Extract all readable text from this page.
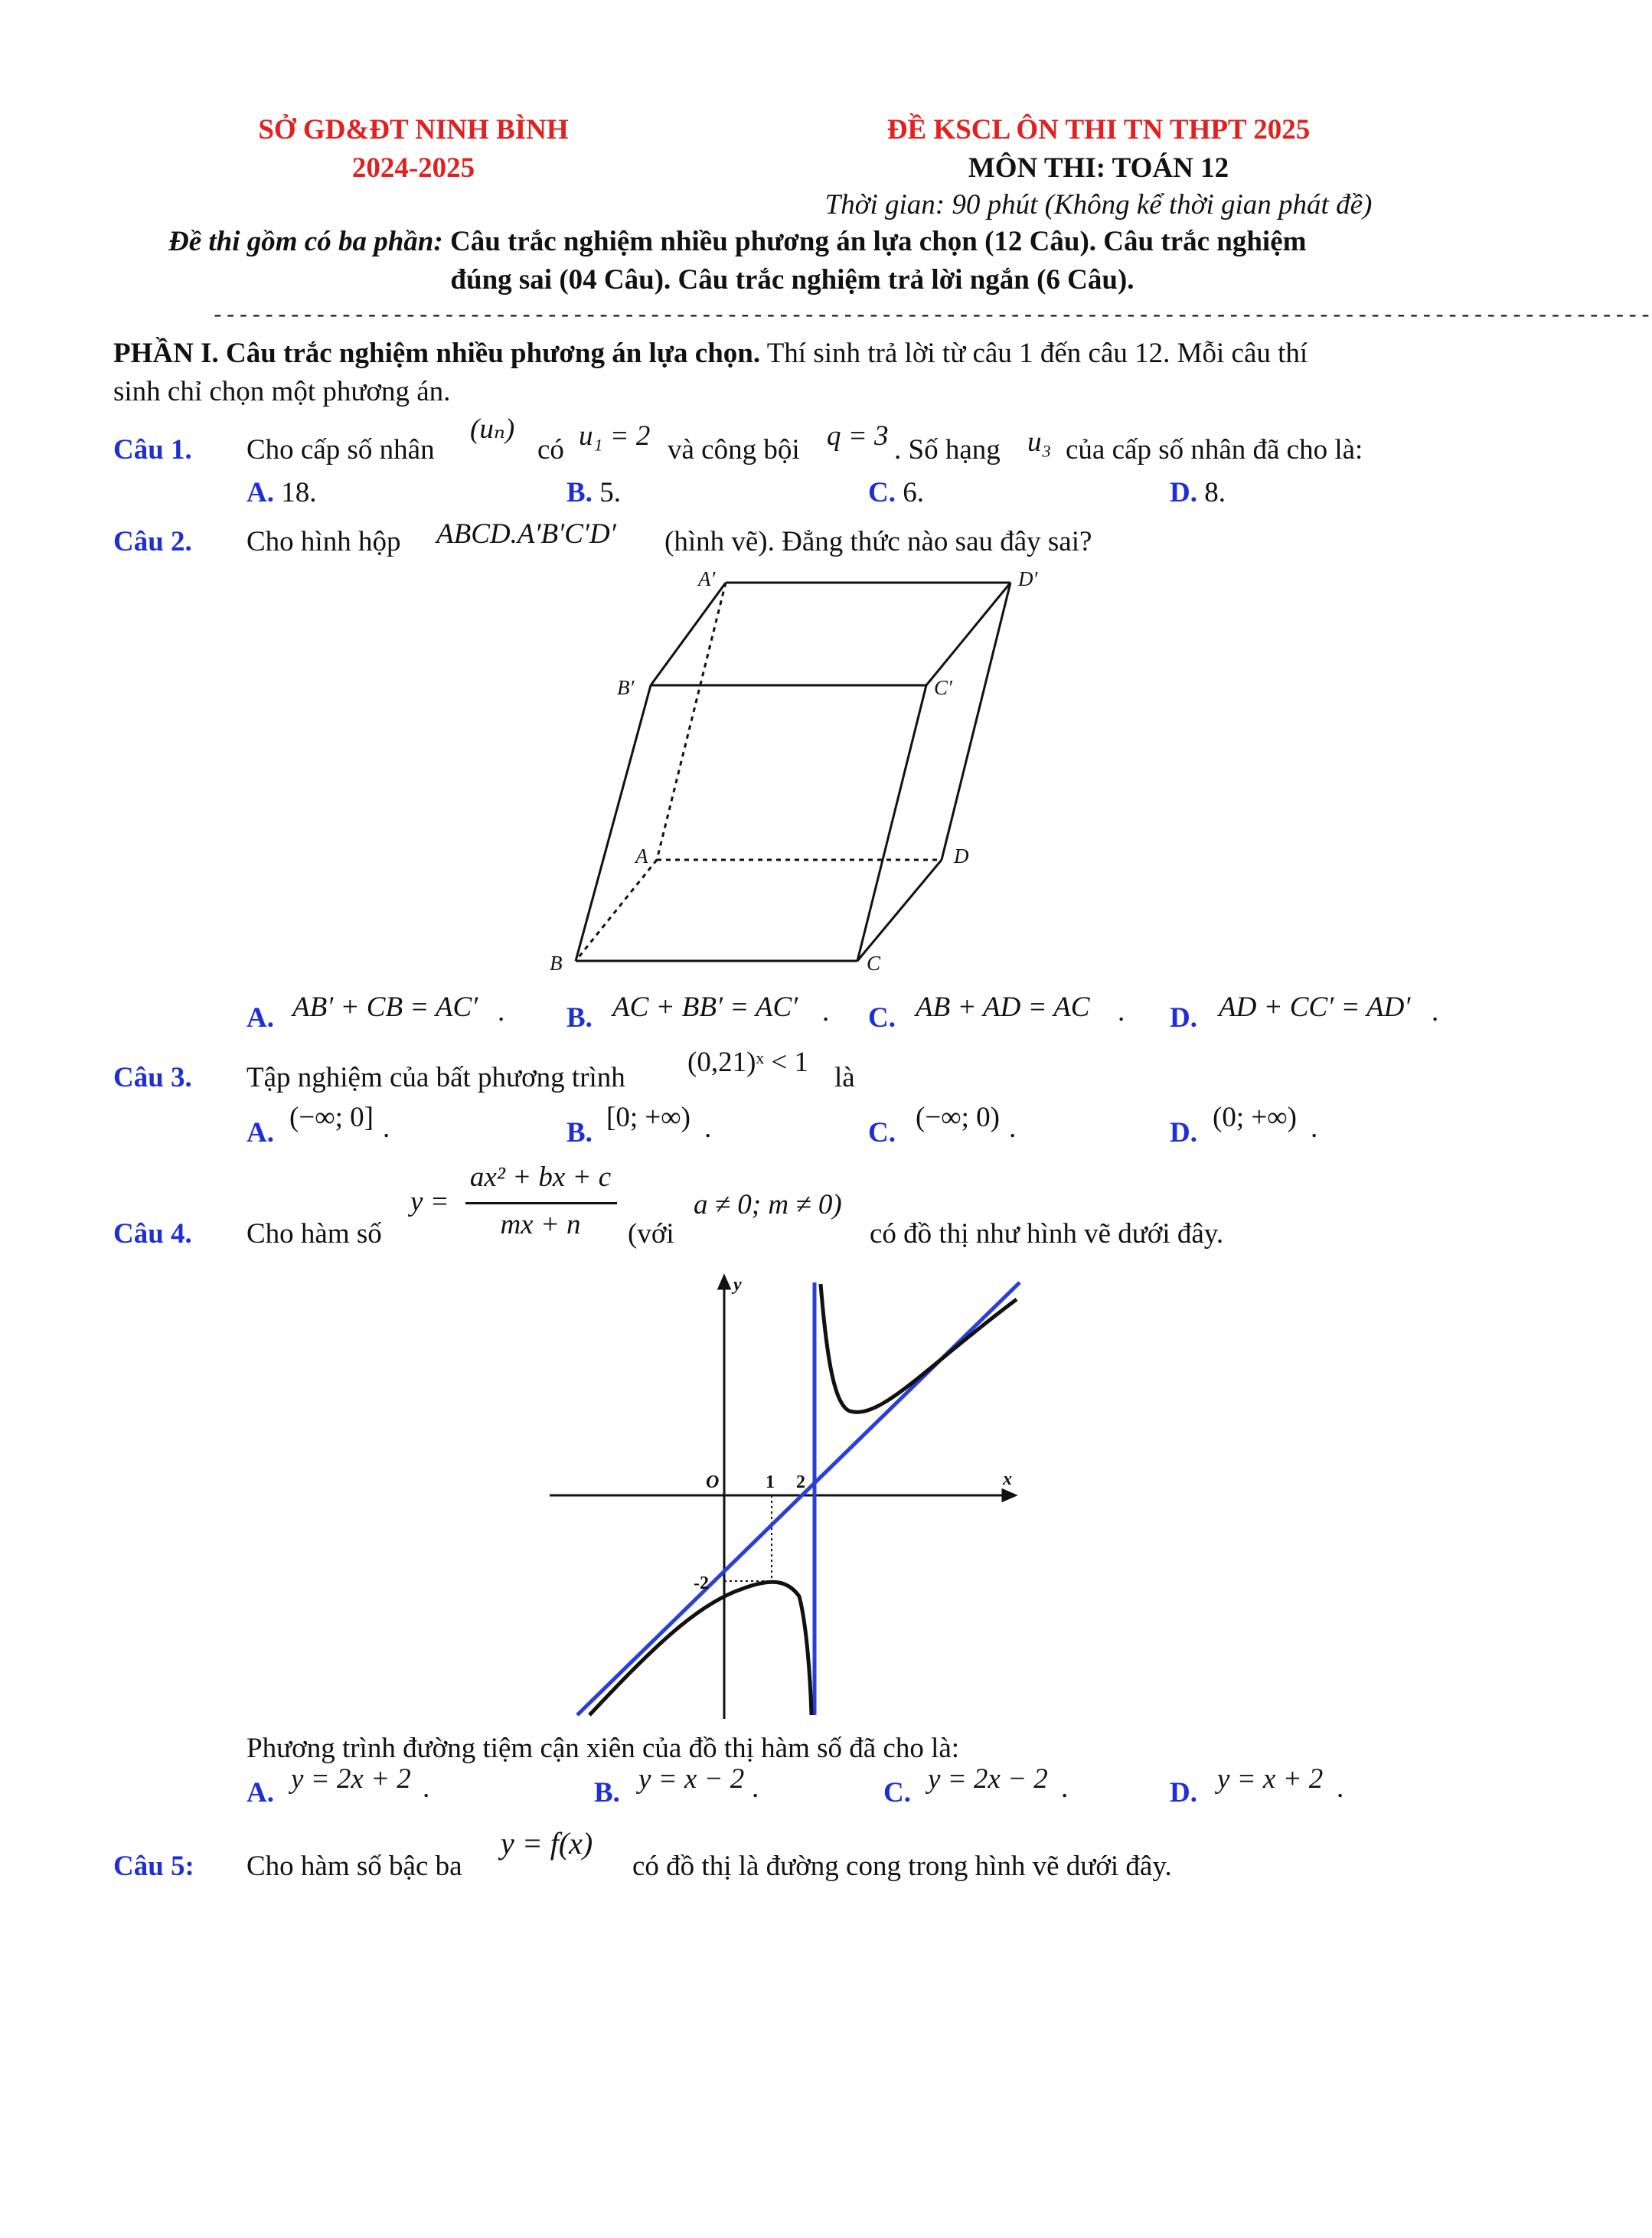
SỞ GD&ĐT NINH BÌNH
2024-2025
ĐỀ KSCL ÔN THI TN THPT 2025
MÔN THI: TOÁN 12
Thời gian: 90 phút (Không kể thời gian phát đề)
Đề thi gồm có ba phần: Câu trắc nghiệm nhiều phương án lựa chọn (12 Câu). Câu trắc nghiệm
đúng sai (04 Câu). Câu trắc nghiệm trả lời ngắn (6 Câu).
----------------------------------------------------------------------------------------------------------------
PHẦN I. Câu trắc nghiệm nhiều phương án lựa chọn. Thí sinh trả lời từ câu 1 đến câu 12. Mỗi câu thí
sinh chỉ chọn một phương án.
Câu 1. Cho cấp số nhân
(uₙ)
có u₁ = 2 và công bội q = 3 . Số hạng u₃ của cấp số nhân đã cho là:
A. 18.	B. 5.	C. 6.	D. 8.
Câu 2. Cho hình hộp ABCD.A′B′C′D′ (hình vẽ). Đẳng thức nào sau đây sai?
A′	D′
B′	C′
A	D
B	C
A. AB′ + CB = AC′ . B. AC + BB′ = AC′ . C. AB + AD = AC . D. AD + CC′ = AD′ .
Câu 3. Tập nghiệm của bất phương trình (0,21)ˣ < 1 là
A. (−∞; 0] .	B. [0; +∞) .	C. (−∞; 0) .	D. (0; +∞) .
Câu 4. Cho hàm số
y =
ax² + bx + c
mx + n	(với
a ≠ 0; m ≠ 0)
có đồ thị như hình vẽ dưới đây.
y
x
O	1 2
-2
Phương trình đường tiệm cận xiên của đồ thị hàm số đã cho là:
A. y = 2x + 2 .	B. y = x − 2 .	C. y = 2x − 2 .	D. y = x + 2 .
Câu 5: Cho hàm số bậc ba
y = f(x)
có đồ thị là đường cong trong hình vẽ dưới đây.
